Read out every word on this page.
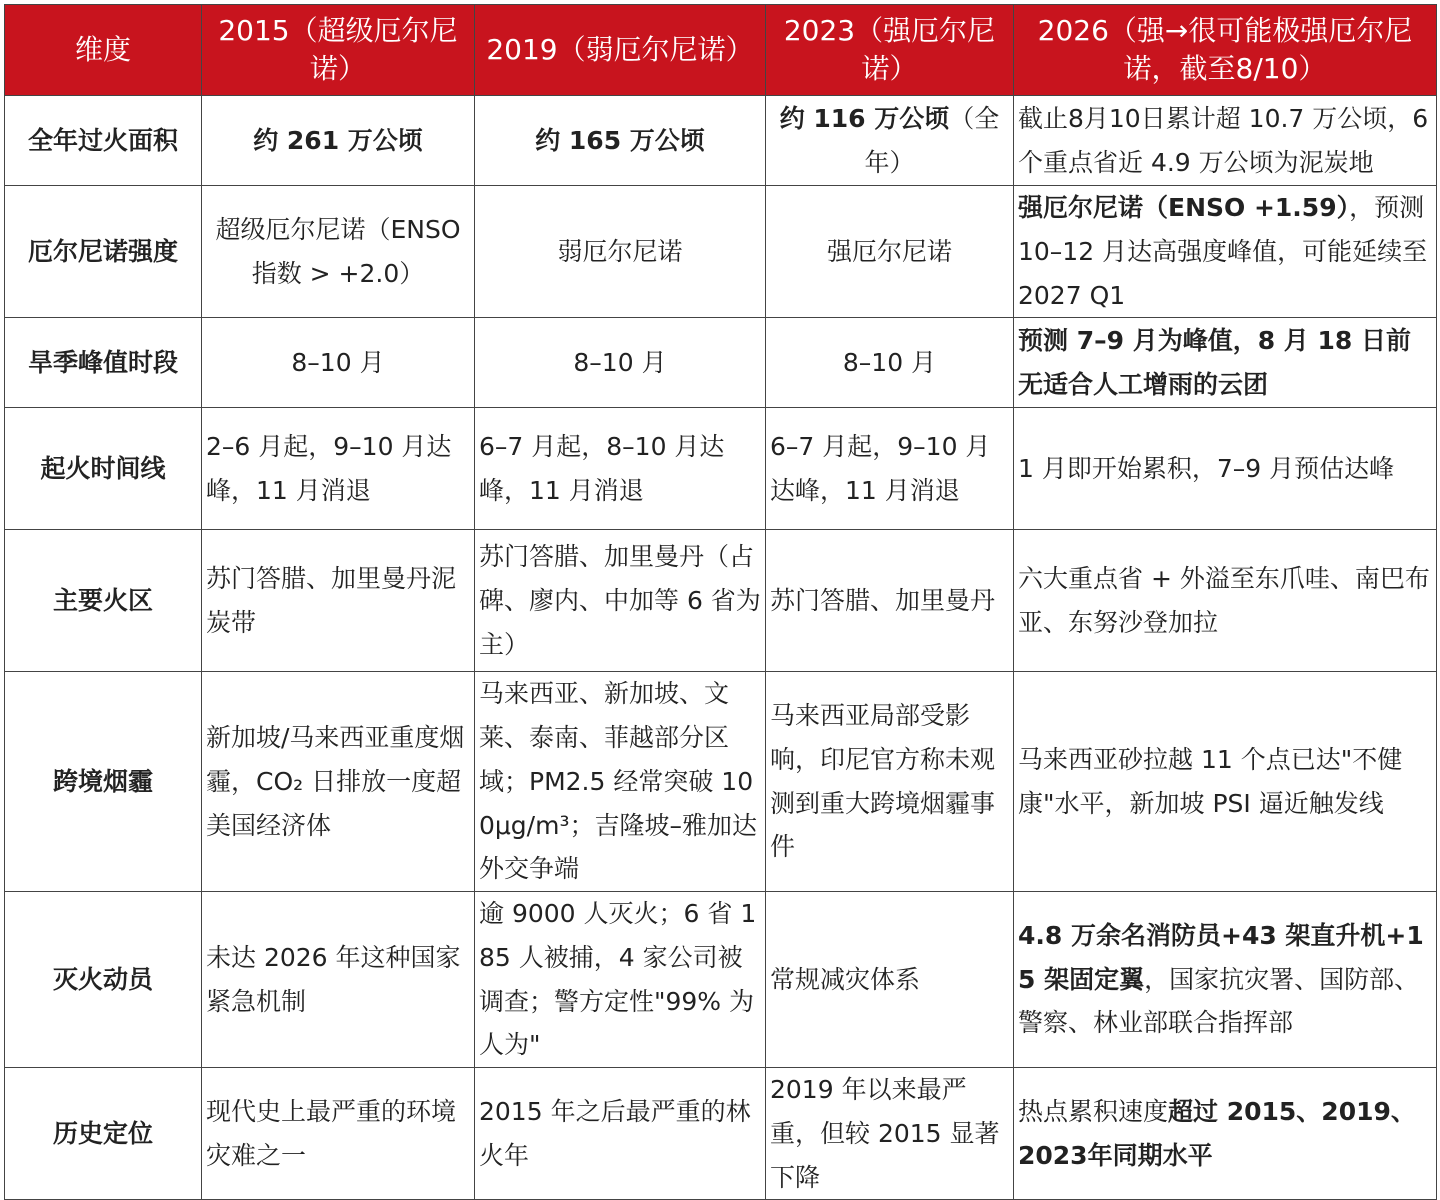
维度	2015（超级厄尔尼诺）	2019（弱厄尔尼诺）	2023（强厄尔尼诺）	2026（强→很可能极强厄尔尼诺，截至8/10）
全年过火面积	约 261 万公顷	约 165 万公顷	约 116 万公顷（全年）	截止8月10日累计超 10.7 万公顷，6 个重点省近 4.9 万公顷为泥炭地
厄尔尼诺强度	超级厄尔尼诺（ENSO 指数 > +2.0）	弱厄尔尼诺	强厄尔尼诺	强厄尔尼诺（ENSO +1.59），预测 10–12 月达高强度峰值，可能延续至 2027 Q1
旱季峰值时段	8–10 月	8–10 月	8–10 月	预测 7–9 月为峰值，8 月 18 日前无适合人工增雨的云团
起火时间线	2–6 月起，9–10 月达峰，11 月消退	6–7 月起，8–10 月达峰，11 月消退	6–7 月起，9–10 月达峰，11 月消退	1 月即开始累积，7–9 月预估达峰
主要火区	苏门答腊、加里曼丹泥炭带	苏门答腊、加里曼丹（占碑、廖内、中加等 6 省为主）	苏门答腊、加里曼丹	六大重点省 + 外溢至东爪哇、南巴布亚、东努沙登加拉
跨境烟霾	新加坡/马来西亚重度烟霾，CO₂ 日排放一度超美国经济体	马来西亚、新加坡、文莱、泰南、菲越部分区域；PM2.5 经常突破 100μg/m³；吉隆坡–雅加达外交争端	马来西亚局部受影响，印尼官方称未观测到重大跨境烟霾事件	马来西亚砂拉越 11 个点已达"不健康"水平，新加坡 PSI 逼近触发线
灭火动员	未达 2026 年这种国家紧急机制	逾 9000 人灭火；6 省 185 人被捕，4 家公司被调查；警方定性"99% 为人为"	常规减灾体系	4.8 万余名消防员+43 架直升机+15 架固定翼，国家抗灾署、国防部、警察、林业部联合指挥部
历史定位	现代史上最严重的环境灾难之一	2015 年之后最严重的林火年	2019 年以来最严重，但较 2015 显著下降	热点累积速度超过 2015、2019、2023年同期水平
